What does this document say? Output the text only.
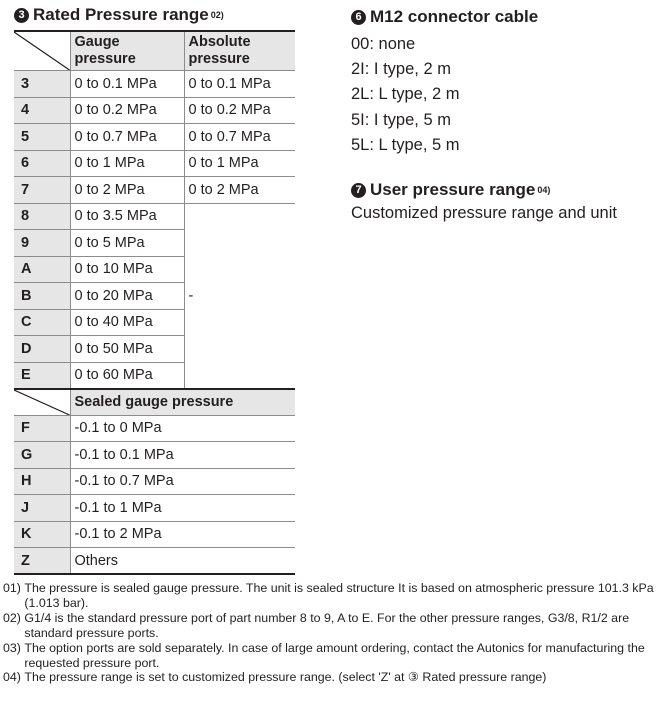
3 Rated Pressure range 02)
	Gauge pressure	Absolute pressure
3	0 to 0.1 MPa	0 to 0.1 MPa
4	0 to 0.2 MPa	0 to 0.2 MPa
5	0 to 0.7 MPa	0 to 0.7 MPa
6	0 to 1 MPa	0 to 1 MPa
7	0 to 2 MPa	0 to 2 MPa
8	0 to 3.5 MPa	-
9	0 to 5 MPa	
A	0 to 10 MPa	
B	0 to 20 MPa	
C	0 to 40 MPa	
D	0 to 50 MPa	
E	0 to 60 MPa	

	Sealed gauge pressure	
F	-0.1 to 0 MPa	
G	-0.1 to 0.1 MPa	
H	-0.1 to 0.7 MPa	
J	-0.1 to 1 MPa	
K	-0.1 to 2 MPa	
Z	Others	
6 M12 connector cable
00: none
2I: I type, 2 m
2L: L type, 2 m
5I: I type, 5 m
5L: L type, 5 m
7 User pressure range 04)
Customized pressure range and unit
01)
The pressure is sealed gauge pressure. The unit is sealed structure It is based on atmospheric pressure 101.3 kPa (1.013 bar).
02)
G1/4 is the standard pressure port of part number 8 to 9, A to E. For the other pressure ranges, G3/8, R1/2 are standard pressure ports.
03)
The option ports are sold separately. In case of large amount ordering, contact the Autonics for manufacturing the requested pressure port.
04)
The pressure range is set to customized pressure range. (select 'Z' at ③ Rated pressure range)
